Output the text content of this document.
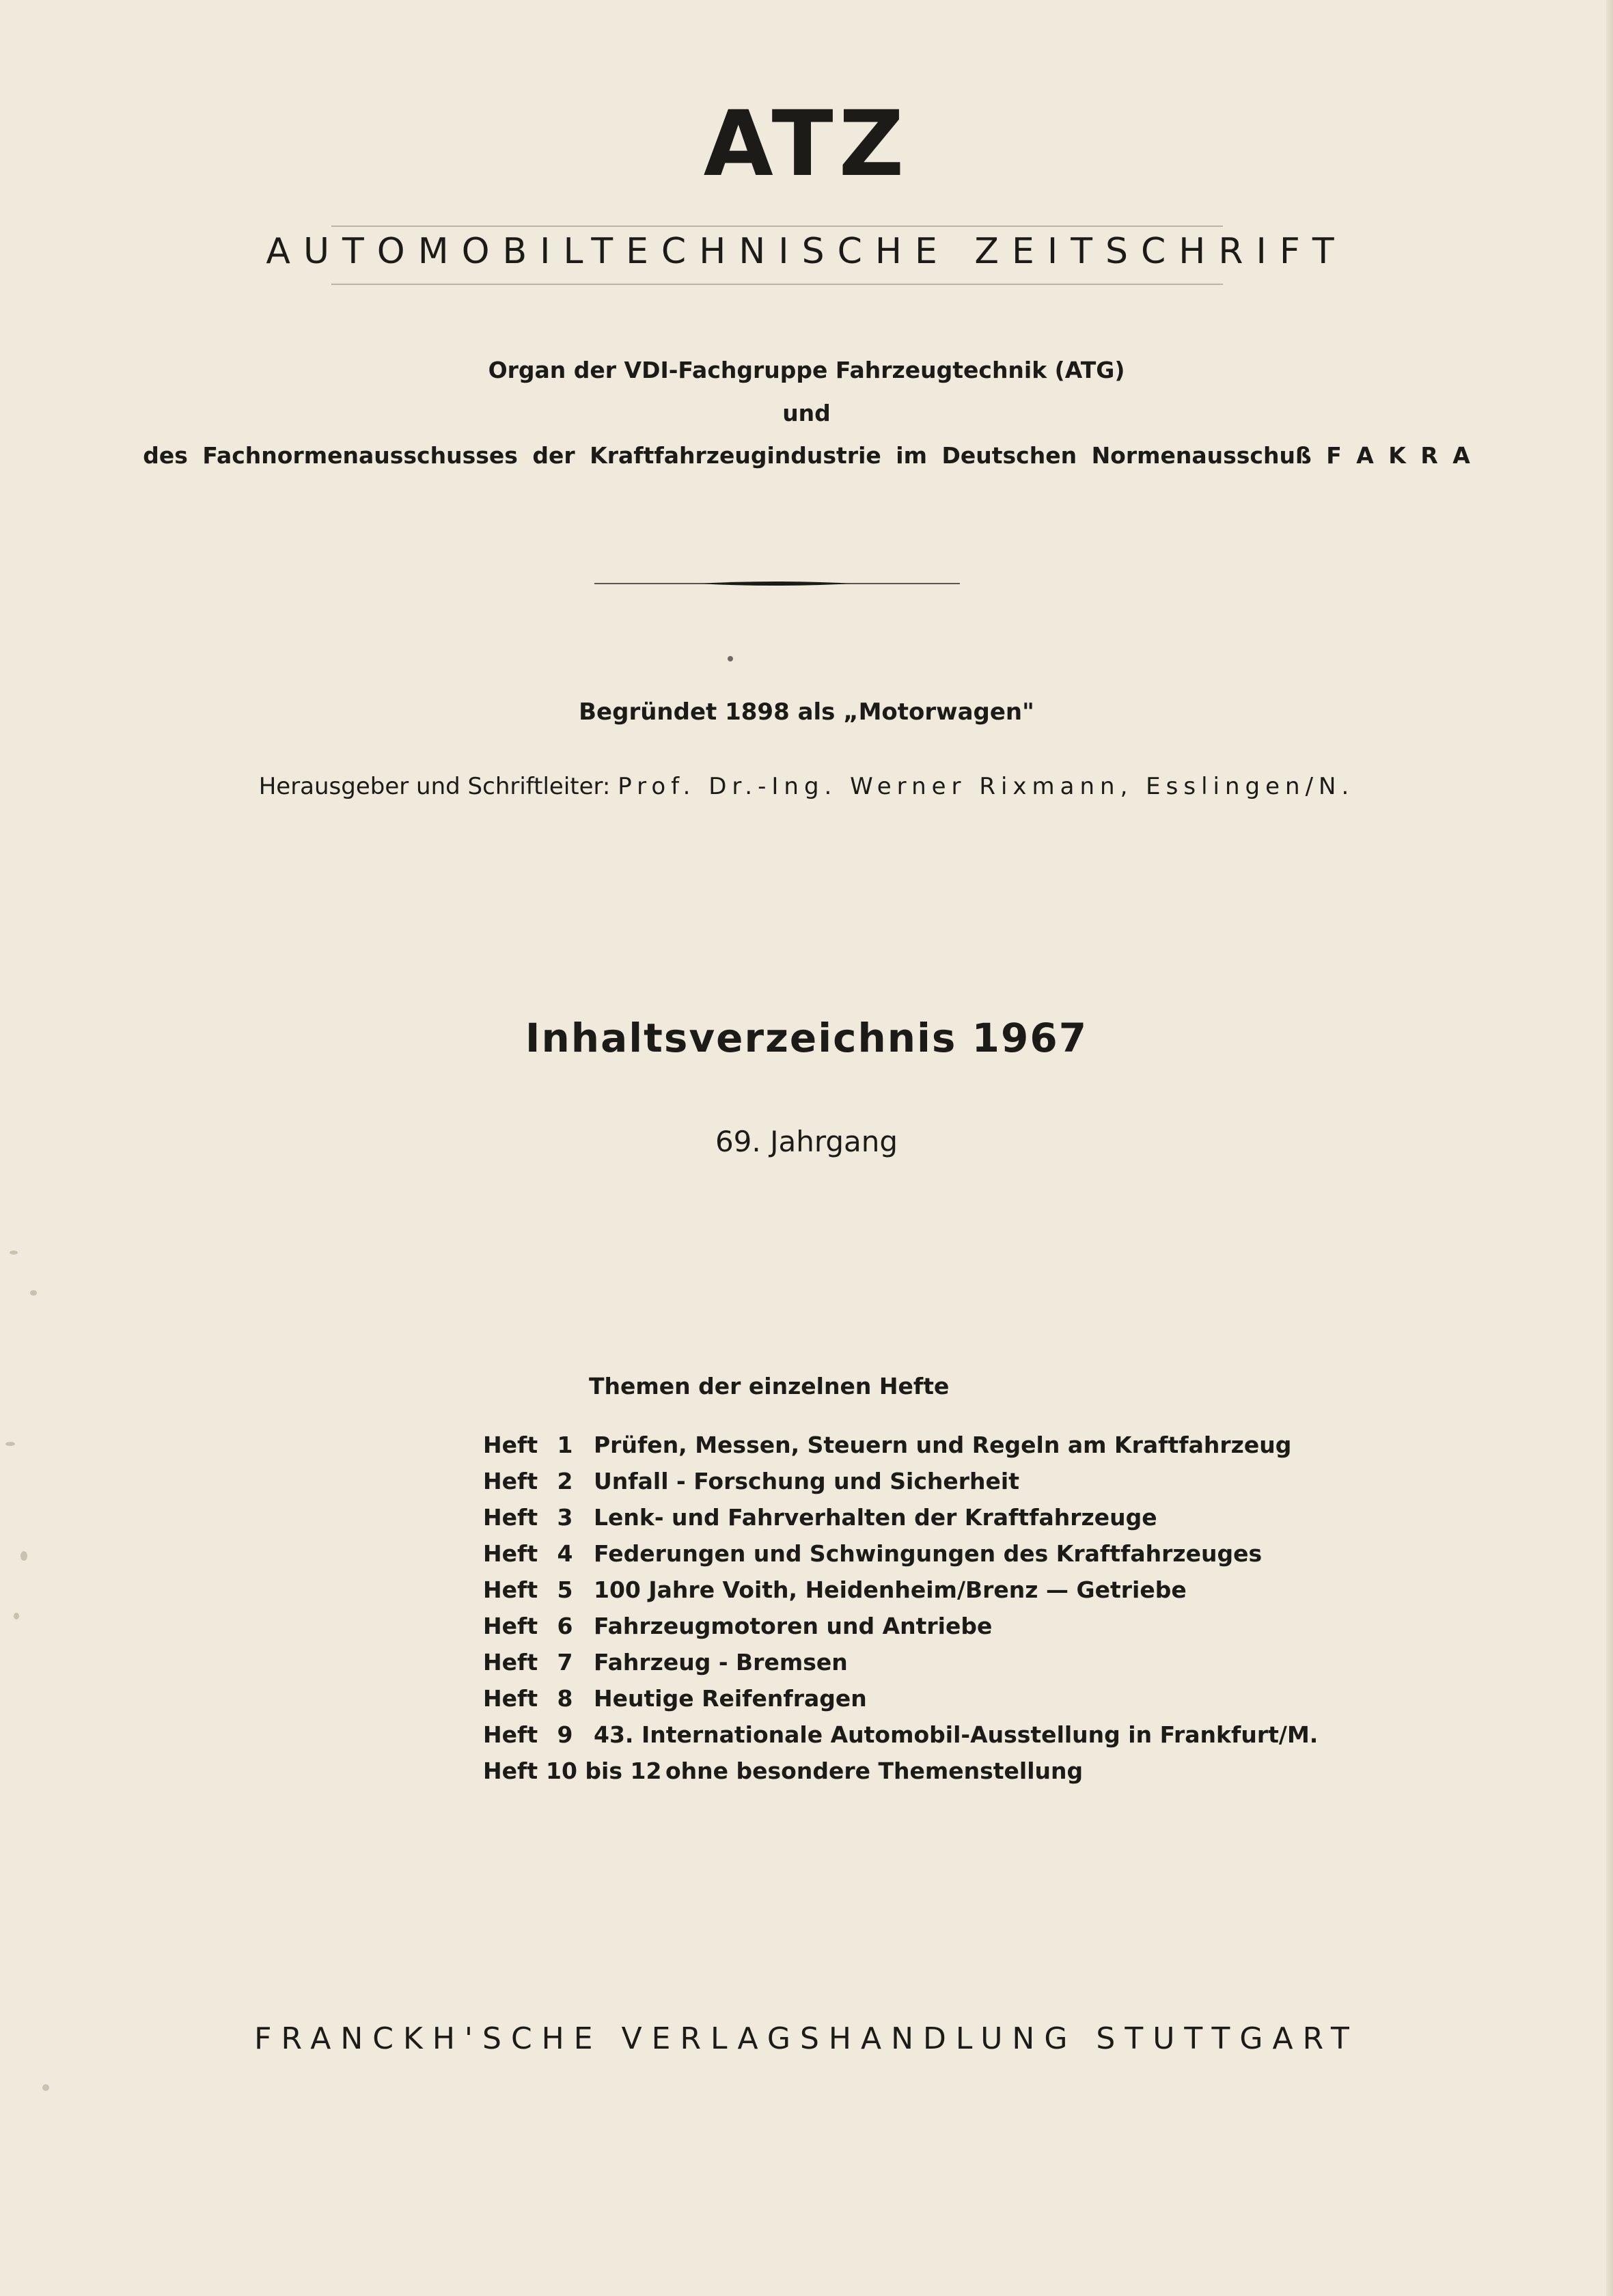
ATZ
AUTOMOBILTECHNISCHE ZEITSCHRIFT
Organ der VDI-Fachgruppe Fahrzeugtechnik (ATG)
und
des Fachnormenausschusses der Kraftfahrzeugindustrie im Deutschen Normenausschuß F A K R A
Begründet 1898 als „Motorwagen"
Herausgeber und Schriftleiter: Prof. Dr.-Ing. Werner Rixmann, Esslingen/N.
Inhaltsverzeichnis 1967
69. Jahrgang
Themen der einzelnen Hefte
Heft 1 Prüfen, Messen, Steuern und Regeln am Kraftfahrzeug
Heft 2 Unfall - Forschung und Sicherheit
Heft 3 Lenk- und Fahrverhalten der Kraftfahrzeuge
Heft 4 Federungen und Schwingungen des Kraftfahrzeuges
Heft 5 100 Jahre Voith, Heidenheim/Brenz — Getriebe
Heft 6 Fahrzeugmotoren und Antriebe
Heft 7 Fahrzeug - Bremsen
Heft 8 Heutige Reifenfragen
Heft 9 43. Internationale Automobil-Ausstellung in Frankfurt/M.
Heft 10 bis 12 ohne besondere Themenstellung
FRANCKH'SCHE VERLAGSHANDLUNG STUTTGART
